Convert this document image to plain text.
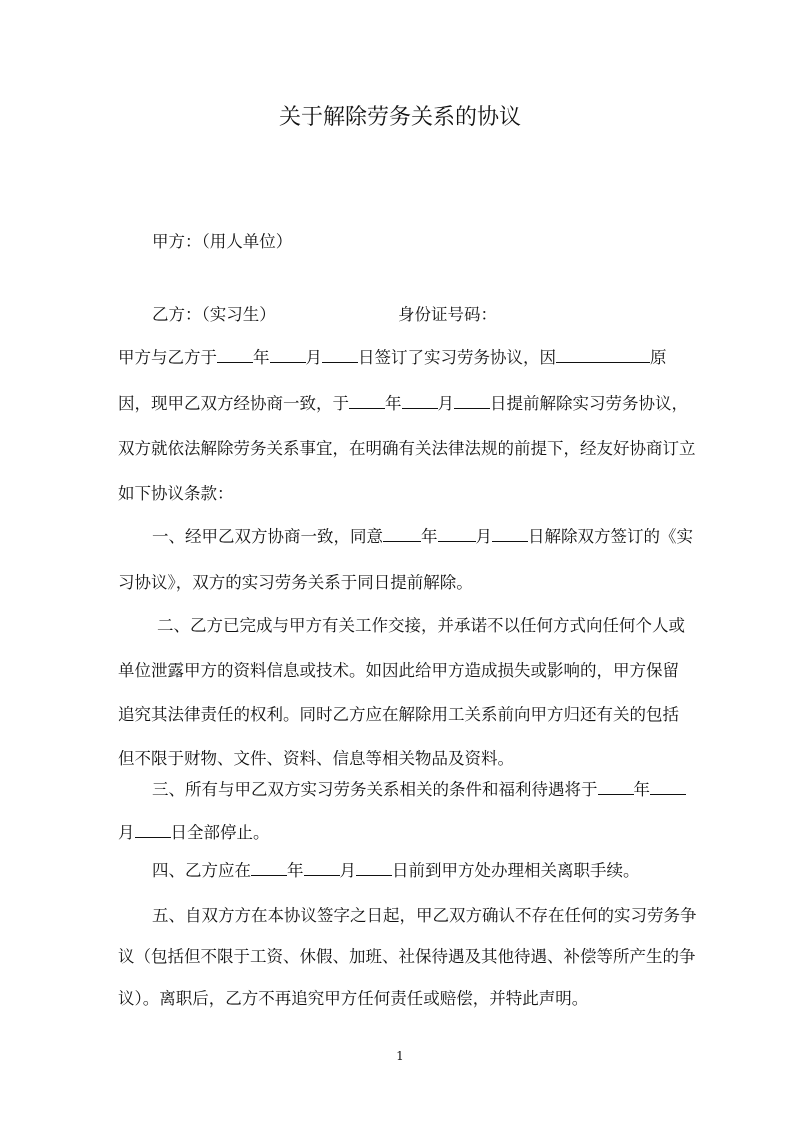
关于解除劳务关系的协议
甲方：（用人单位）
乙方：（实习生）	身份证号码：
甲方与乙方于 年 月 日签订了实习劳务协议，因	原
因，现甲乙双方经协商一致，于 年 月 日提前解除实习劳务协议，
双方就依法解除劳务关系事宜，在明确有关法律法规的前提下，经友好协商订立
如下协议条款：
一、经甲乙双方协商一致，同意 年 月 日解除双方签订的《实
习协议》，双方的实习劳务关系于同日提前解除。
二、乙方已完成与甲方有关工作交接，并承诺不以任何方式向任何个人或
单位泄露甲方的资料信息或技术。如因此给甲方造成损失或影响的，甲方保留
追究其法律责任的权利。同时乙方应在解除用工关系前向甲方归还有关的包括
但不限于财物、文件、资料、信息等相关物品及资料。
三、所有与甲乙双方实习劳务关系相关的条件和福利待遇将于 年
月 日全部停止。
四、乙方应在 年 月 日前到甲方处办理相关离职手续。
五、自双方方在本协议签字之日起，甲乙双方确认不存在任何的实习劳务争
议（包括但不限于工资、休假、加班、社保待遇及其他待遇、补偿等所产生的争
议）。离职后，乙方不再追究甲方任何责任或赔偿，并特此声明。
1
